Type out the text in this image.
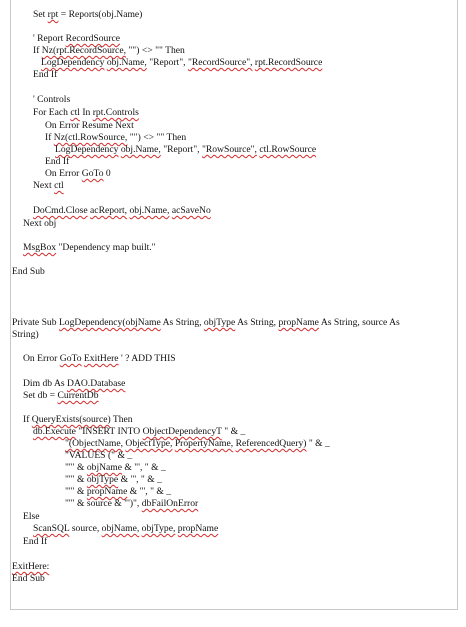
Set rpt = Reports(obj.Name)
' Report RecordSource
If Nz(rpt.RecordSource, "") <> "" Then
LogDependency obj.Name, "Report", "RecordSource", rpt.RecordSource
End If
' Controls
For Each ctl In rpt.Controls
On Error Resume Next
If Nz(ctl.RowSource, "") <> "" Then
LogDependency obj.Name, "Report", "RowSource", ctl.RowSource
End If
On Error GoTo 0
Next ctl
DoCmd.Close acReport, obj.Name, acSaveNo
Next obj
MsgBox "Dependency map built."
End Sub
Private Sub LogDependency(objName As String, objType As String, propName As String, source As
String)
On Error GoTo ExitHere ' ? ADD THIS
Dim db As DAO.Database
Set db = CurrentDb
If QueryExists(source) Then
db.Execute "INSERT INTO ObjectDependencyT " & _
"(ObjectName, ObjectType, PropertyName, ReferencedQuery) " & _
"VALUES (" & _
"'" & objName & "', " & _
"'" & objType & "', " & _
"'" & propName & "', " & _
"'" & source & "')", dbFailOnError
Else
ScanSQL source, objName, objType, propName
End If
ExitHere:
End Sub
